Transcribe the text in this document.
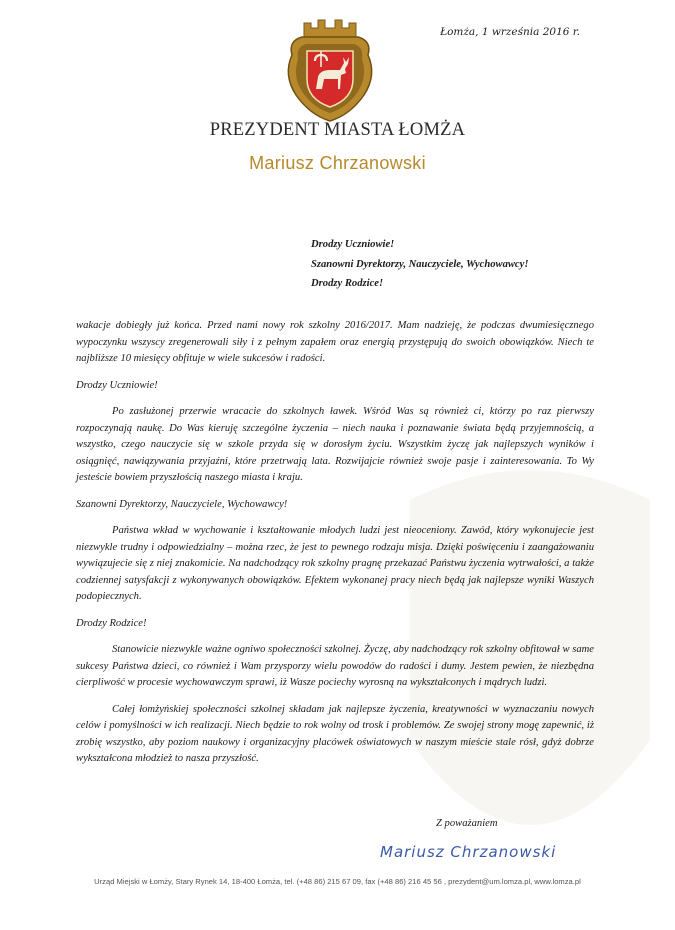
Łomża, 1 września 2016 r.
PREZYDENT MIASTA ŁOMŻA
Mariusz Chrzanowski
Drodzy Uczniowie!
Szanowni Dyrektorzy, Nauczyciele, Wychowawcy!
Drodzy Rodzice!

wakacje dobiegły już końca. Przed nami nowy rok szkolny 2016/2017. Mam nadzieję, że podczas dwumiesięcznego wypoczynku wszyscy zregenerowali siły i z pełnym zapałem oraz energią przystępują do swoich obowiązków. Niech te najbliższe 10 miesięcy obfituje w wiele sukcesów i radości.

Drodzy Uczniowie!

Po zasłużonej przerwie wracacie do szkolnych ławek. Wśród Was są również ci, którzy po raz pierwszy rozpoczynają naukę. Do Was kieruję szczególne życzenia – niech nauka i poznawanie świata będą przyjemnością, a wszystko, czego nauczycie się w szkole przyda się w dorosłym życiu. Wszystkim życzę jak najlepszych wyników i osiągnięć, nawiązywania przyjaźni, które przetrwają lata. Rozwijajcie również swoje pasje i zainteresowania. To Wy jesteście bowiem przyszłością naszego miasta i kraju.

Szanowni Dyrektorzy, Nauczyciele, Wychowawcy!

Państwa wkład w wychowanie i kształtowanie młodych ludzi jest nieoceniony. Zawód, który wykonujecie jest niezwykle trudny i odpowiedzialny – można rzec, że jest to pewnego rodzaju misja. Dzięki poświęceniu i zaangażowaniu wywiązujecie się z niej znakomicie. Na nadchodzący rok szkolny pragnę przekazać Państwu życzenia wytrwałości, a także codziennej satysfakcji z wykonywanych obowiązków. Efektem wykonanej pracy niech będą jak najlepsze wyniki Waszych podopiecznych.

Drodzy Rodzice!

Stanowicie niezwykle ważne ogniwo społeczności szkolnej. Życzę, aby nadchodzący rok szkolny obfitował w same sukcesy Państwa dzieci, co również i Wam przysporzy wielu powodów do radości i dumy. Jestem pewien, że niezbędna cierpliwość w procesie wychowawczym sprawi, iż Wasze pociechy wyrosną na wykształconych i mądrych ludzi.

Całej łomżyńskiej społeczności szkolnej składam jak najlepsze życzenia, kreatywności w wyznaczaniu nowych celów i pomyślności w ich realizacji. Niech będzie to rok wolny od trosk i problemów. Ze swojej strony mogę zapewnić, iż zrobię wszystko, aby poziom naukowy i organizacyjny placówek oświatowych w naszym mieście stale rósł, gdyż dobrze wykształcona młodzież to nasza przyszłość.

Z poważaniem
Mariusz Chrzanowski
Urząd Miejski w Łomży, Stary Rynek 14, 18-400 Łomża, tel. (+48 86) 215 67 09, fax (+48 86) 216 45 56 , prezydent@um.lomza.pl, www.lomza.pl
